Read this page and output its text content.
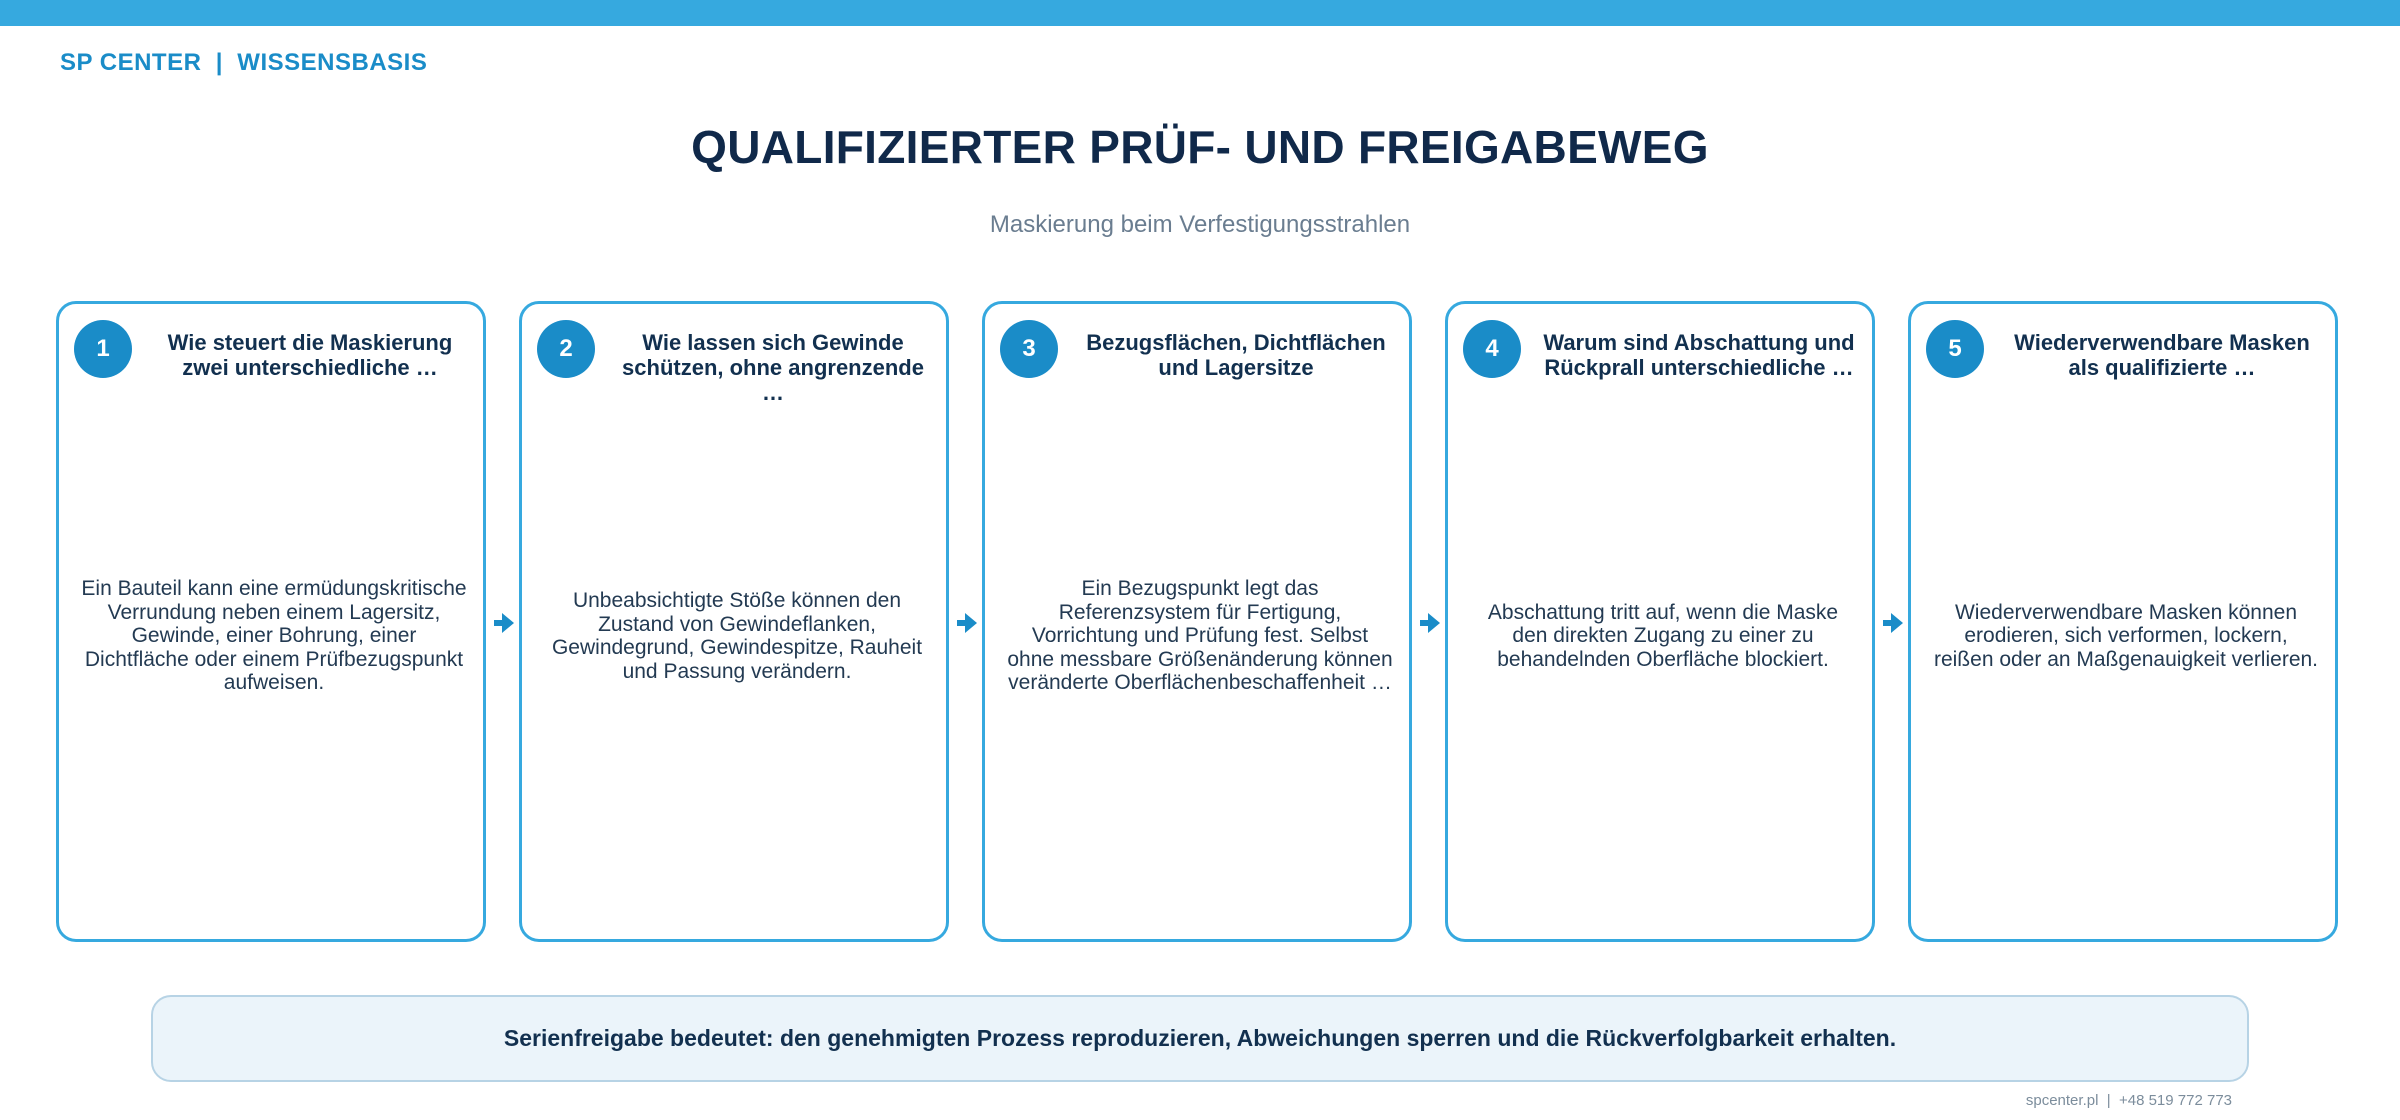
SP CENTER  |  WISSENSBASIS
QUALIFIZIERTER PRÜF- UND FREIGABEWEG
Maskierung beim Verfestigungsstrahlen
1	Wie steuert die Maskierung zwei unterschiedliche …
Ein Bauteil kann eine ermüdungskritische Verrundung neben einem Lagersitz, Gewinde, einer Bohrung, einer Dichtfläche oder einem Prüfbezugspunkt aufweisen.
2	Wie lassen sich Gewinde schützen, ohne angrenzende …
Unbeabsichtigte Stöße können den Zustand von Gewindeflanken, Gewindegrund, Gewindespitze, Rauheit und Passung verändern.
3	Bezugsflächen, Dichtflächen und Lagersitze
Ein Bezugspunkt legt das Referenzsystem für Fertigung, Vorrichtung und Prüfung fest. Selbst ohne messbare Größenänderung können veränderte Oberflächenbeschaffenheit …
4	Warum sind Abschattung und Rückprall unterschiedliche …
Abschattung tritt auf, wenn die Maske den direkten Zugang zu einer zu behandelnden Oberfläche blockiert.
5	Wiederverwendbare Masken als qualifizierte …
Wiederverwendbare Masken können erodieren, sich verformen, lockern, reißen oder an Maßgenauigkeit verlieren.
Serienfreigabe bedeutet: den genehmigten Prozess reproduzieren, Abweichungen sperren und die Rückverfolgbarkeit erhalten.
spcenter.pl  |  +48 519 772 773
